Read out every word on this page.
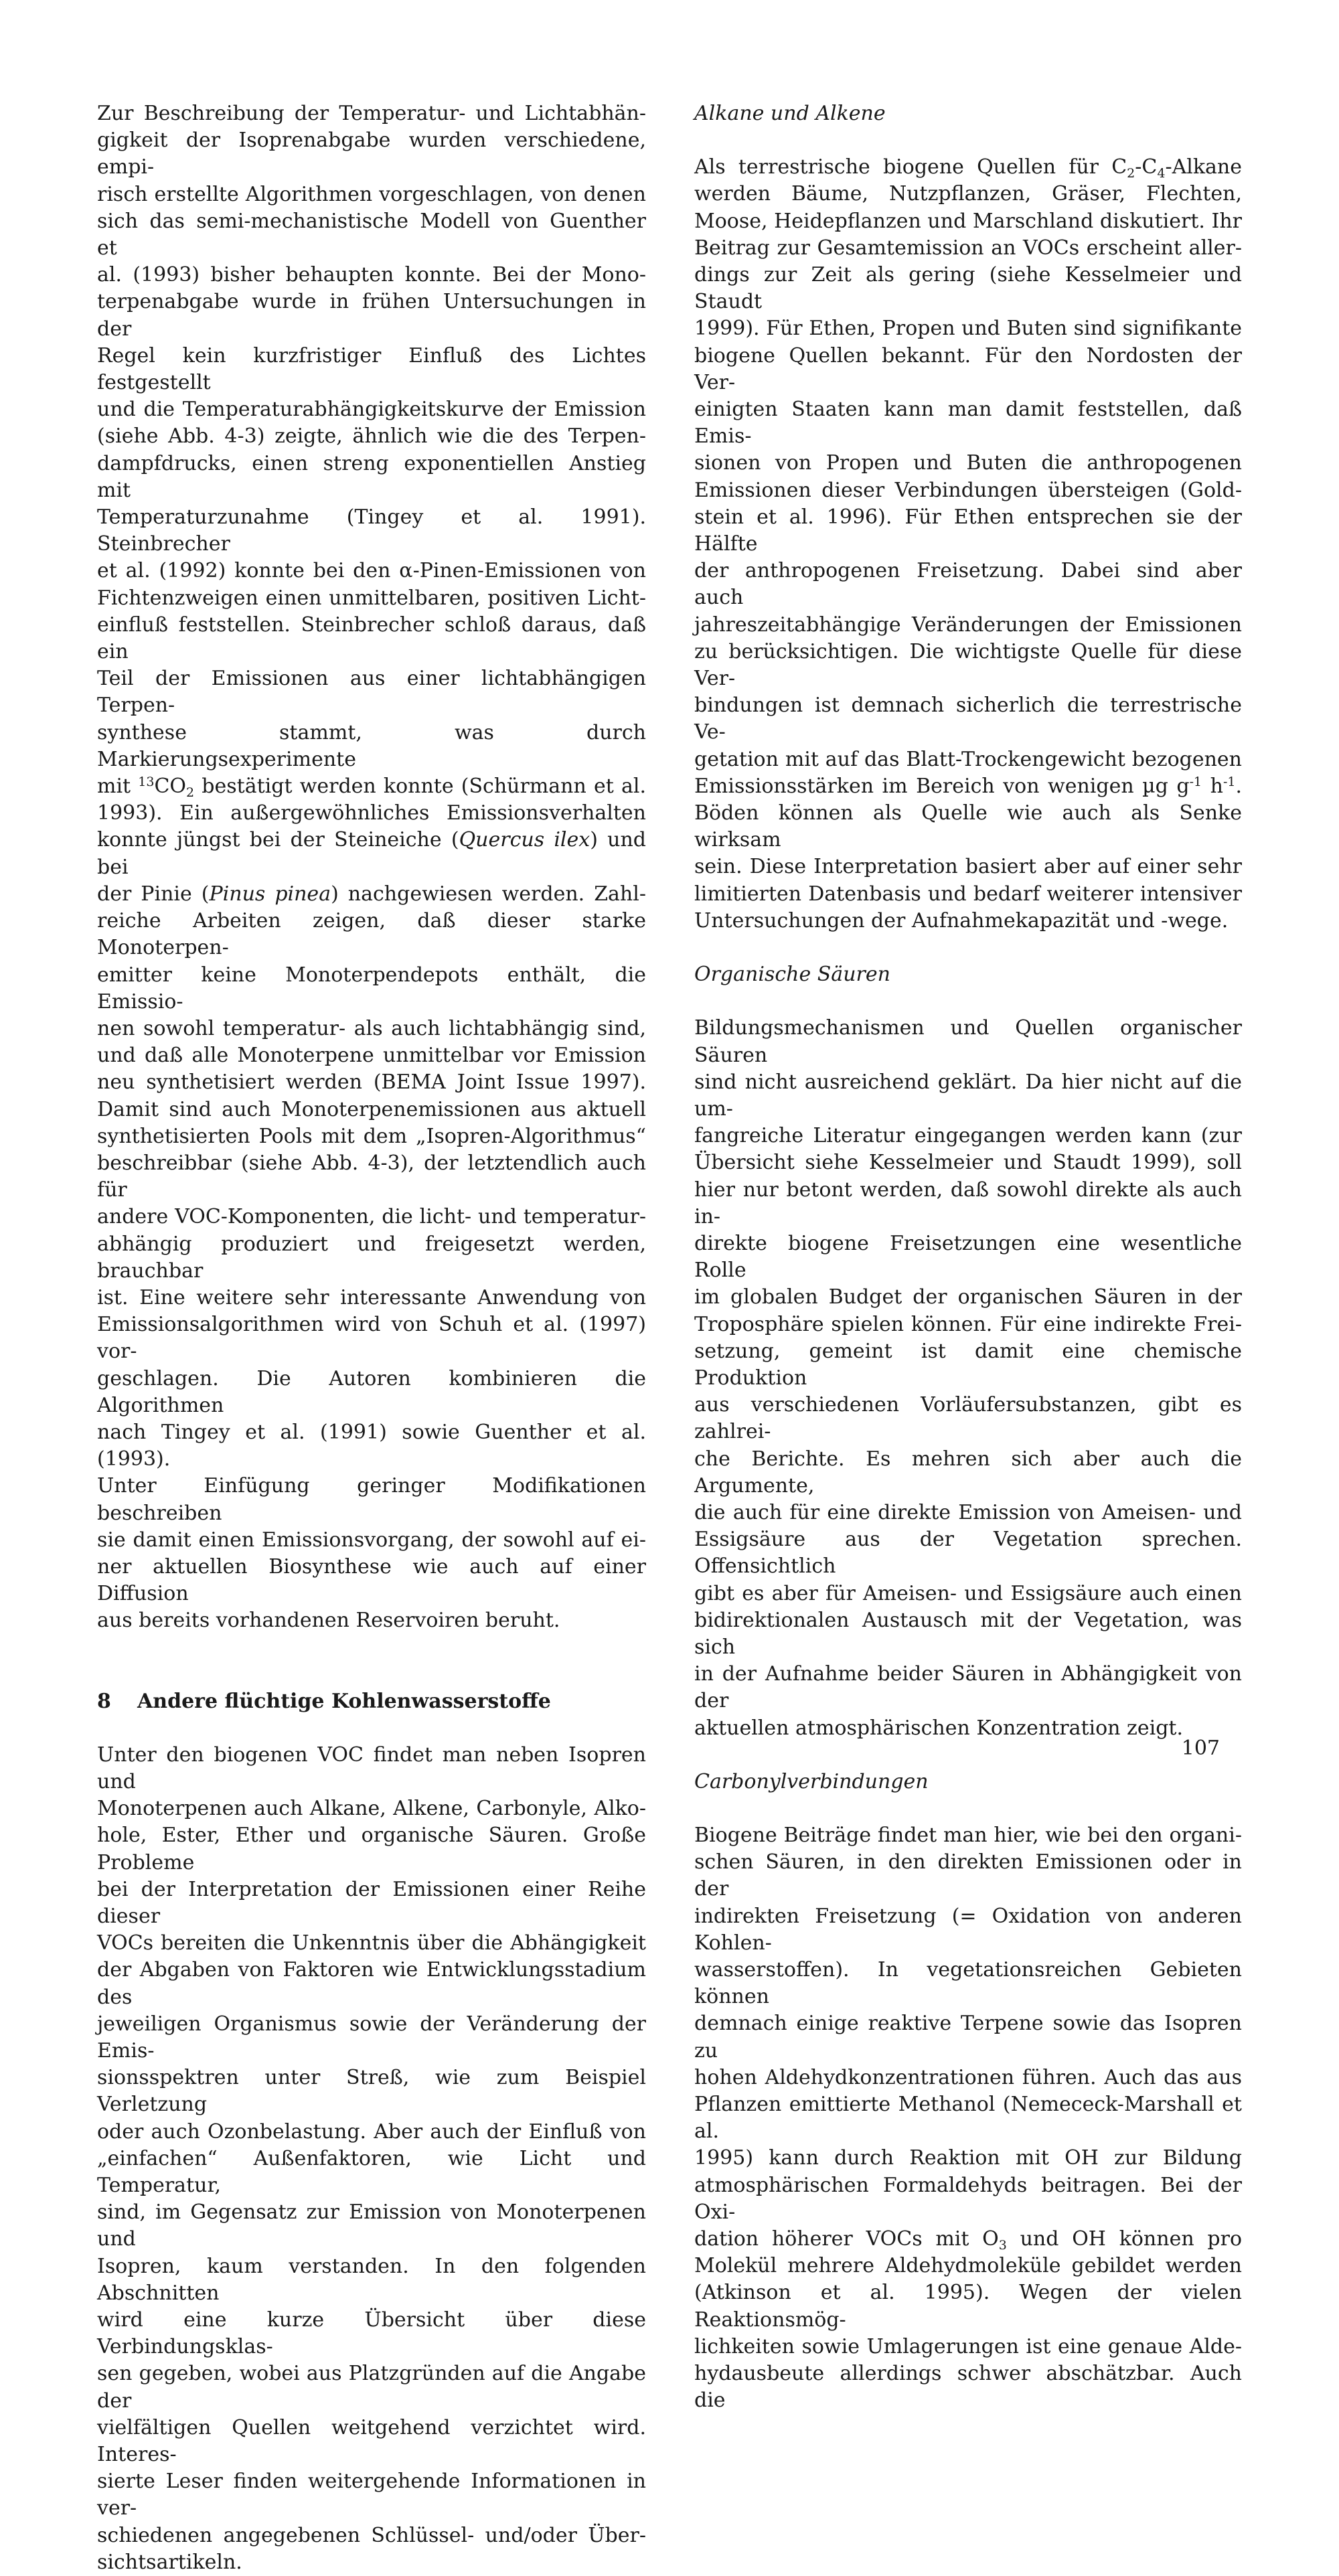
Zur Beschreibung der Temperatur- und Lichtabhän-

gigkeit der Isoprenabgabe wurden verschiedene, empi-

risch erstellte Algorithmen vorgeschlagen, von denen

sich das semi-mechanistische Modell von Guenther et

al. (1993) bisher behaupten konnte. Bei der Mono-

terpenabgabe wurde in frühen Untersuchungen in der

Regel kein kurzfristiger Einfluß des Lichtes festgestellt

und die Temperaturabhängigkeitskurve der Emission

(siehe Abb. 4-3) zeigte, ähnlich wie die des Terpen-

dampfdrucks, einen streng exponentiellen Anstieg mit

Temperaturzunahme (Tingey et al. 1991). Steinbrecher

et al. (1992) konnte bei den α-Pinen-Emissionen von

Fichtenzweigen einen unmittelbaren, positiven Licht-

einfluß feststellen. Steinbrecher schloß daraus, daß ein

Teil der Emissionen aus einer lichtabhängigen Terpen-

synthese stammt, was durch Markierungsexperimente

mit $^{13}CO_2$ bestätigt werden konnte (Schürmann et al.

1993). Ein außergewöhnliches Emissionsverhalten

konnte jüngst bei der Steineiche (Quercus ilex) und bei

der Pinie (Pinus pinea) nachgewiesen werden. Zahl-

reiche Arbeiten zeigen, daß dieser starke Monoterpen-

emitter keine Monoterpendepots enthält, die Emissio-

nen sowohl temperatur- als auch lichtabhängig sind,

und daß alle Monoterpene unmittelbar vor Emission

neu synthetisiert werden (BEMA Joint Issue 1997).

Damit sind auch Monoterpenemissionen aus aktuell

synthetisierten Pools mit dem „Isopren-Algorithmus“

beschreibbar (siehe Abb. 4-3), der letztendlich auch für

andere VOC-Komponenten, die licht- und temperatur-

abhängig produziert und freigesetzt werden, brauchbar

ist. Eine weitere sehr interessante Anwendung von

Emissionsalgorithmen wird von Schuh et al. (1997) vor-

geschlagen. Die Autoren kombinieren die Algorithmen

nach Tingey et al. (1991) sowie Guenther et al. (1993).

Unter Einfügung geringer Modifikationen beschreiben

sie damit einen Emissionsvorgang, der sowohl auf ei-

ner aktuellen Biosynthese wie auch auf einer Diffusion

aus bereits vorhandenen Reservoiren beruht.

8 Andere flüchtige Kohlenwasserstoffe

Unter den biogenen VOC findet man neben Isopren und

Monoterpenen auch Alkane, Alkene, Carbonyle, Alko-

hole, Ester, Ether und organische Säuren. Große Probleme

bei der Interpretation der Emissionen einer Reihe dieser

VOCs bereiten die Unkenntnis über die Abhängigkeit

der Abgaben von Faktoren wie Entwicklungsstadium des

jeweiligen Organismus sowie der Veränderung der Emis-

sionsspektren unter Streß, wie zum Beispiel Verletzung

oder auch Ozonbelastung. Aber auch der Einfluß von

„einfachen“ Außenfaktoren, wie Licht und Temperatur,

sind, im Gegensatz zur Emission von Monoterpenen und

Isopren, kaum verstanden. In den folgenden Abschnitten

wird eine kurze Übersicht über diese Verbindungsklas-

sen gegeben, wobei aus Platzgründen auf die Angabe der

vielfältigen Quellen weitgehend verzichtet wird. Interes-

sierte Leser finden weitergehende Informationen in ver-

schiedenen angegebenen Schlüssel- und/oder Über-

sichtsartikeln.

Alkane und Alkene

Als terrestrische biogene Quellen für $C_2-C_4$-Alkane

werden Bäume, Nutzpflanzen, Gräser, Flechten,

Moose, Heidepflanzen und Marschland diskutiert. Ihr

Beitrag zur Gesamtemission an VOCs erscheint aller-

dings zur Zeit als gering (siehe Kesselmeier und Staudt

1999). Für Ethen, Propen und Buten sind signifikante

biogene Quellen bekannt. Für den Nordosten der Ver-

einigten Staaten kann man damit feststellen, daß Emis-

sionen von Propen und Buten die anthropogenen

Emissionen dieser Verbindungen übersteigen (Gold-

stein et al. 1996). Für Ethen entsprechen sie der Hälfte

der anthropogenen Freisetzung. Dabei sind aber auch

jahreszeitabhängige Veränderungen der Emissionen

zu berücksichtigen. Die wichtigste Quelle für diese Ver-

bindungen ist demnach sicherlich die terrestrische Ve-

getation mit auf das Blatt-Trockengewicht bezogenen

Emissionsstärken im Bereich von wenigen µg $g^{-1}$ $h^{-1}$.

Böden können als Quelle wie auch als Senke wirksam

sein. Diese Interpretation basiert aber auf einer sehr

limitierten Datenbasis und bedarf weiterer intensiver

Untersuchungen der Aufnahmekapazität und -wege.

Organische Säuren

Bildungsmechanismen und Quellen organischer Säuren

sind nicht ausreichend geklärt. Da hier nicht auf die um-

fangreiche Literatur eingegangen werden kann (zur

Übersicht siehe Kesselmeier und Staudt 1999), soll

hier nur betont werden, daß sowohl direkte als auch in-

direkte biogene Freisetzungen eine wesentliche Rolle

im globalen Budget der organischen Säuren in der

Troposphäre spielen können. Für eine indirekte Frei-

setzung, gemeint ist damit eine chemische Produktion

aus verschiedenen Vorläufersubstanzen, gibt es zahlrei-

che Berichte. Es mehren sich aber auch die Argumente,

die auch für eine direkte Emission von Ameisen- und

Essigsäure aus der Vegetation sprechen. Offensichtlich

gibt es aber für Ameisen- und Essigsäure auch einen

bidirektionalen Austausch mit der Vegetation, was sich

in der Aufnahme beider Säuren in Abhängigkeit von der

aktuellen atmosphärischen Konzentration zeigt.

Carbonylverbindungen

Biogene Beiträge findet man hier, wie bei den organi-

schen Säuren, in den direkten Emissionen oder in der

indirekten Freisetzung (= Oxidation von anderen Kohlen-

wasserstoffen). In vegetationsreichen Gebieten können

demnach einige reaktive Terpene sowie das Isopren zu

hohen Aldehydkonzentrationen führen. Auch das aus

Pflanzen emittierte Methanol (Nemececk-Marshall et al.

1995) kann durch Reaktion mit OH zur Bildung

atmosphärischen Formaldehyds beitragen. Bei der Oxi-

dation höherer VOCs mit $O_3$ und OH können pro

Molekül mehrere Aldehydmoleküle gebildet werden

(Atkinson et al. 1995). Wegen der vielen Reaktionsmög-

lichkeiten sowie Umlagerungen ist eine genaue Alde-

hydausbeute allerdings schwer abschätzbar. Auch die

107
